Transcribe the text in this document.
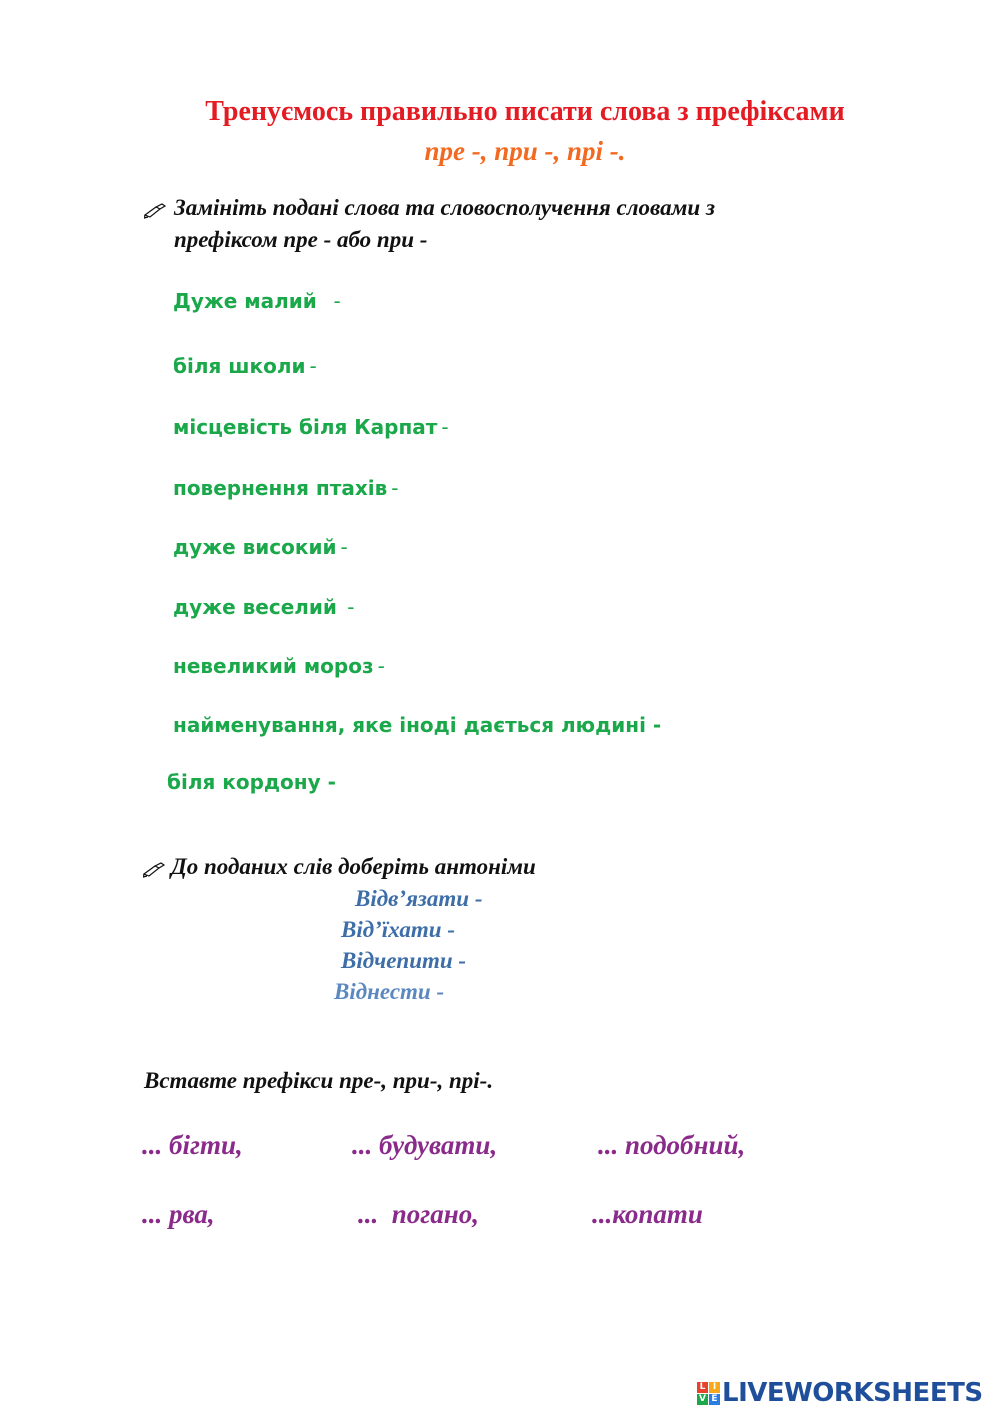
Тренуємось правильно писати слова з префіксами
пре -, при -, прі -.
Замініть подані слова та словосполучення словами з
префіксом пре - або при -
Дуже малий  -
біля школи -
місцевість біля Карпат -
повернення птахів -
дуже високий -
дуже веселий -
невеликий мороз -
найменування, яке іноді дається людині -
біля кордону -
До поданих слів доберіть антоніми
Відв’язати -
Від’їхати -
Відчепити -
Віднести -
Вставте префікси пре-, при-, прі-.
... бігти,	... будувати,	... подобний,
... рва,	...  погано,	...копати
L I
V E LIVEWORKSHEETS
